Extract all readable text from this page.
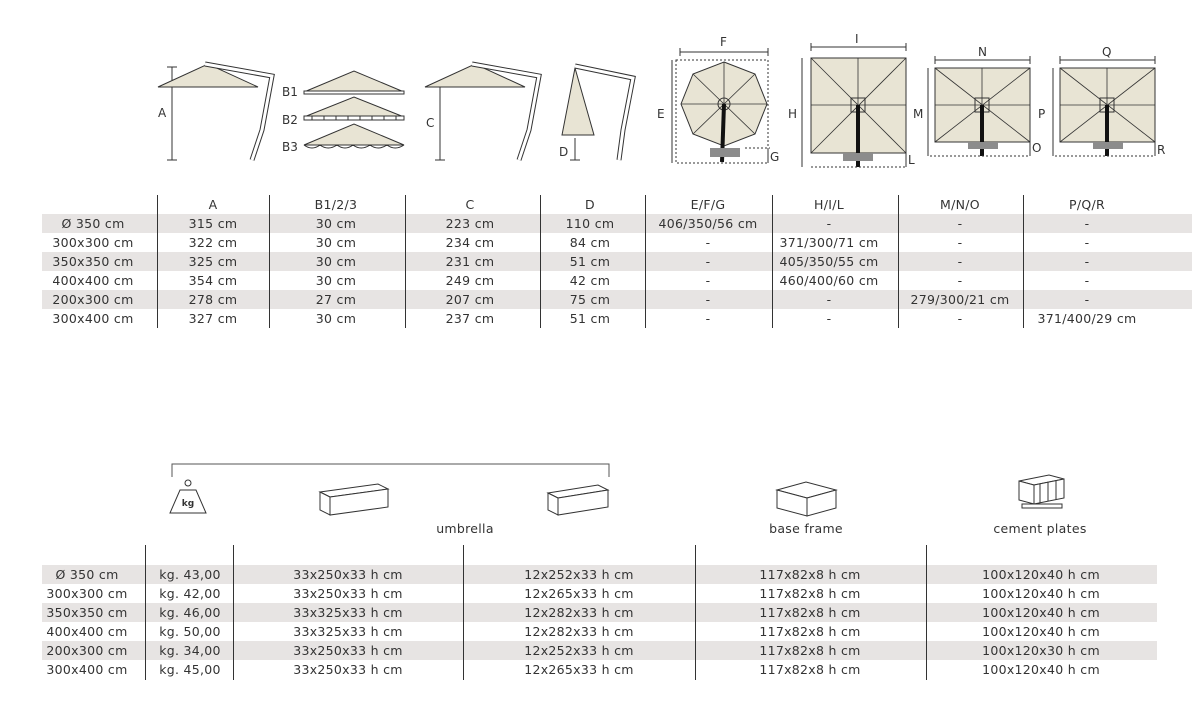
A
B1
B2
B3
C
D
F
E
G
I
H
L
N
M
O
Q
P
R
A	B1/2/3	C	D	E/F/G	H/I/L	M/N/O	P/Q/R
Ø 350 cm	315 cm	30 cm	223 cm	110 cm	406/350/56 cm	-	-	-
300x300 cm	322 cm	30 cm	234 cm	84 cm	-	371/300/71 cm	-	-
350x350 cm	325 cm	30 cm	231 cm	51 cm	-	405/350/55 cm	-	-
400x400 cm	354 cm	30 cm	249 cm	42 cm	-	460/400/60 cm	-	-
200x300 cm	278 cm	27 cm	207 cm	75 cm	-	-	279/300/21 cm	-
300x400 cm	327 cm	30 cm	237 cm	51 cm	-	-	-	371/400/29 cm
kg
umbrella	base frame	cement plates
Ø 350 cm	kg. 43,00	33x250x33 h cm	12x252x33 h cm	117x82x8 h cm	100x120x40 h cm
300x300 cm	kg. 42,00	33x250x33 h cm	12x265x33 h cm	117x82x8 h cm	100x120x40 h cm
350x350 cm	kg. 46,00	33x325x33 h cm	12x282x33 h cm	117x82x8 h cm	100x120x40 h cm
400x400 cm	kg. 50,00	33x325x33 h cm	12x282x33 h cm	117x82x8 h cm	100x120x40 h cm
200x300 cm	kg. 34,00	33x250x33 h cm	12x252x33 h cm	117x82x8 h cm	100x120x30 h cm
300x400 cm	kg. 45,00	33x250x33 h cm	12x265x33 h cm	117x82x8 h cm	100x120x40 h cm
